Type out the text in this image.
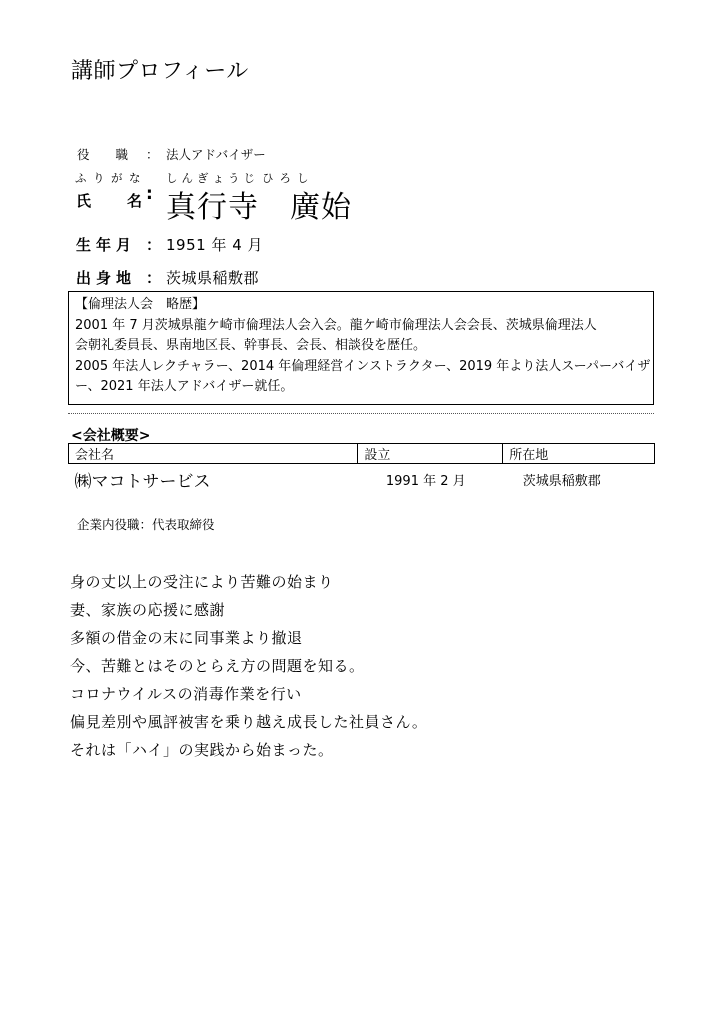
講師プロフィール
役 職 ： 法人アドバイザー
ふりがな しんぎょうじ ひろし
氏 名 : 真行寺　廣始
生年月 ： 1951 年 4 月
出身地 ： 茨城県稲敷郡
【倫理法人会　略歴】
2001 年 7 月茨城県龍ケ崎市倫理法人会入会。龍ケ崎市倫理法人会会長、茨城県倫理法人
会朝礼委員長、県南地区長、幹事長、会長、相談役を歴任。
2005 年法人レクチャラー、2014 年倫理経営インストラクター、2019 年より法人スーパーバイザ
ー、2021 年法人アドバイザー就任。
<会社概要>
会社名	設立	所在地
㈱マコトサービス	1991 年 2 月	茨城県稲敷郡
企業内役職：代表取締役
身の丈以上の受注により苦難の始まり
妻、家族の応援に感謝
多額の借金の末に同事業より撤退
今、苦難とはそのとらえ方の問題を知る。
コロナウイルスの消毒作業を行い
偏見差別や風評被害を乗り越え成長した社員さん。
それは「ハイ」の実践から始まった。
